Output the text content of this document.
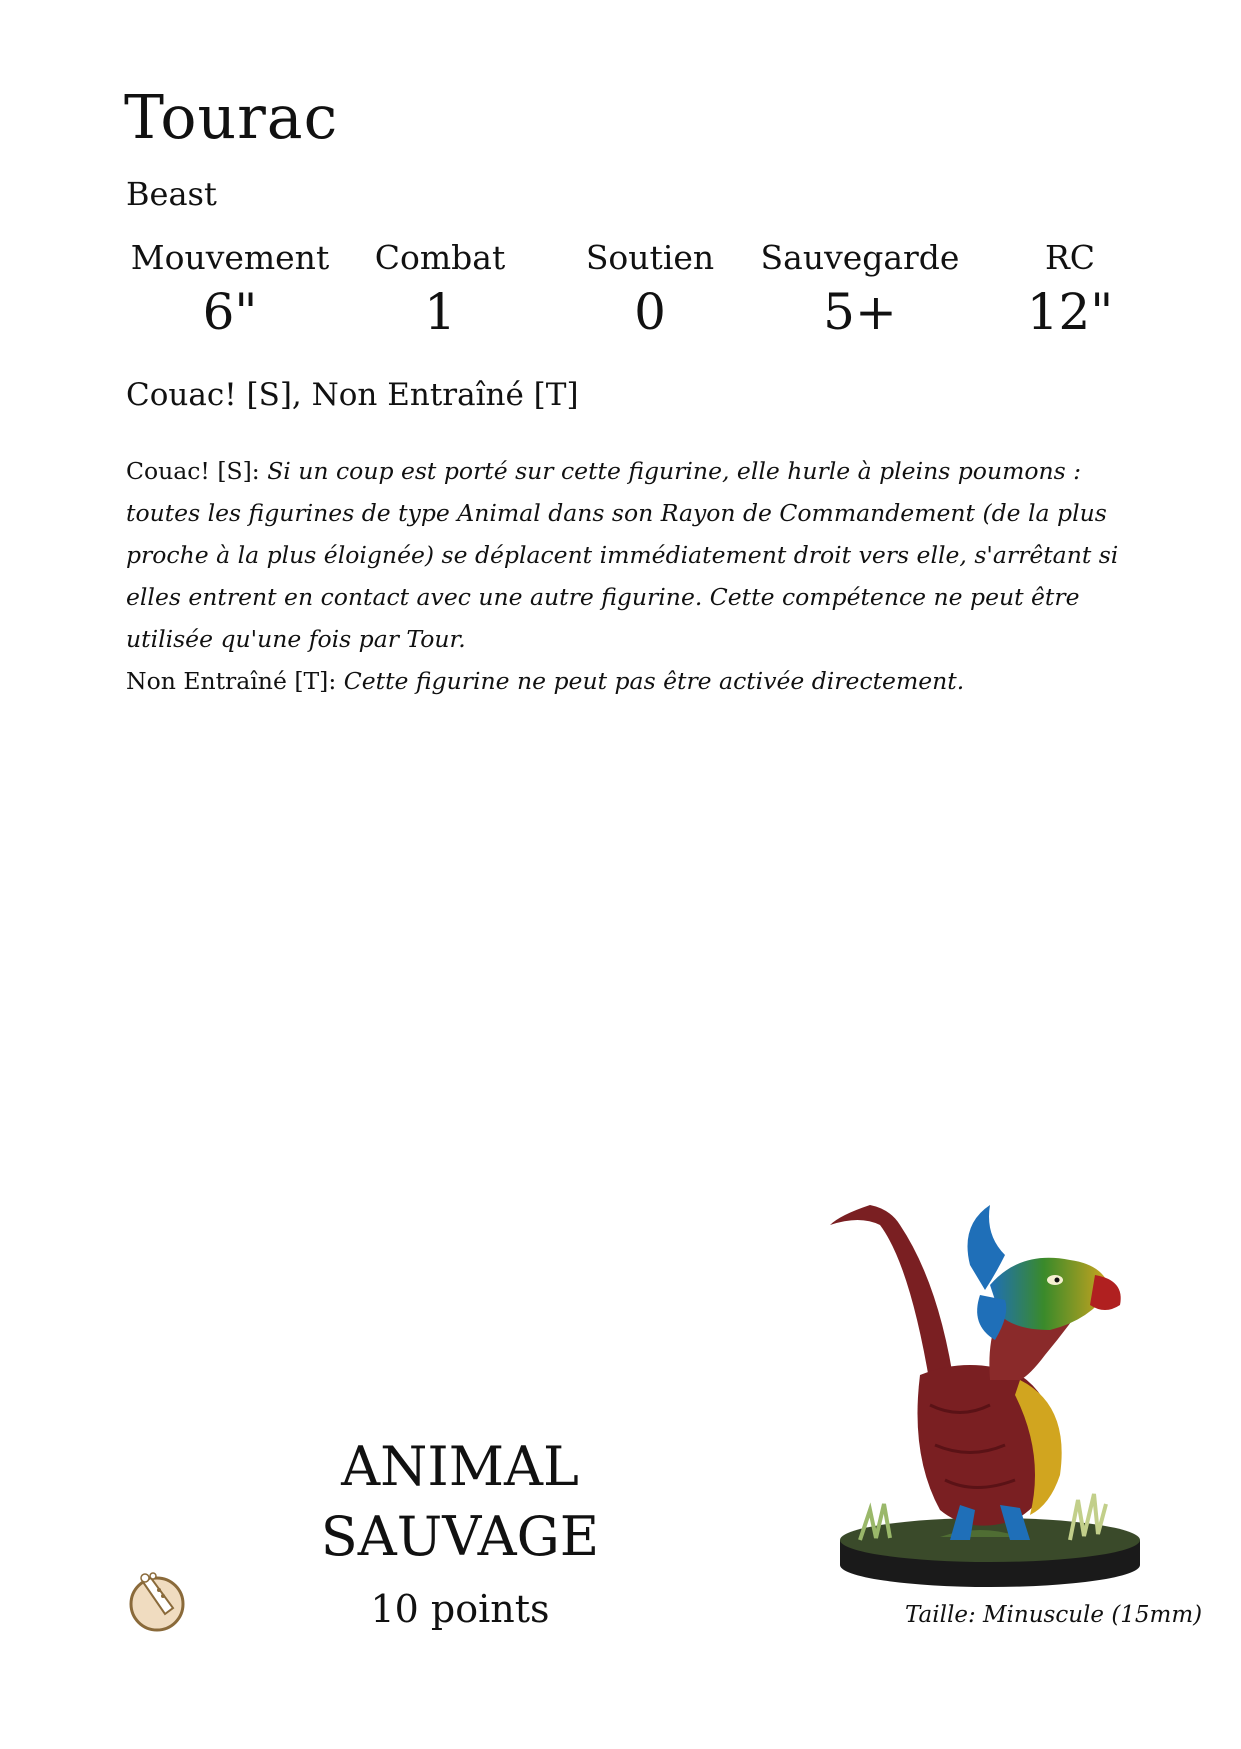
Tourac
Beast
Mouvement
6"
Combat
1
Soutien
0
Sauvegarde
5+
RC
12"
Couac! [S], Non Entraîné [T]
Couac! [S]: Si un coup est porté sur cette figurine, elle hurle à pleins poumons :
toutes les figurines de type Animal dans son Rayon de Commandement (de la plus
proche à la plus éloignée) se déplacent immédiatement droit vers elle, s'arrêtant si
elles entrent en contact avec une autre figurine. Cette compétence ne peut être
utilisée qu'une fois par Tour.
Non Entraîné [T]: Cette figurine ne peut pas être activée directement.
ANIMAL
SAUVAGE
10 points	Taille: Minuscule (15mm)
